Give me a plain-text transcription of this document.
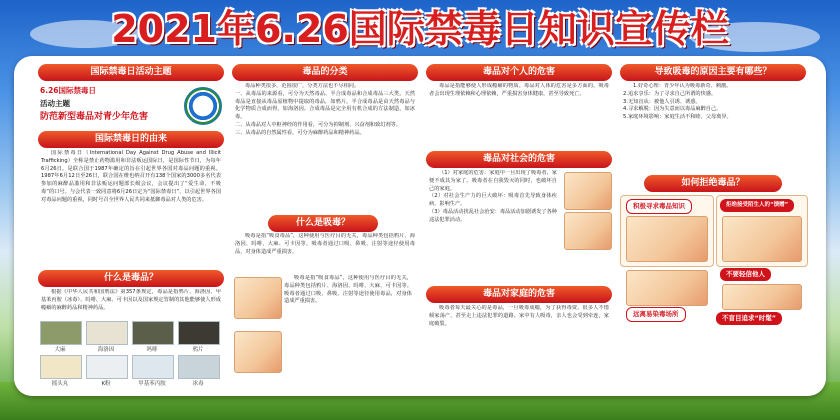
2021年6.26国际禁毒日知识宣传栏
国际禁毒日活动主题
6.26国际禁毒日
活动主题
防范新型毒品对青少年危害
国际禁毒日的由来
国际禁毒日（International Day Against Drug Abuse and Illicit Trafficking）全称是禁止药物滥用和非法贩运国际日，是国际性节日，为每年6月26日。是联合国于1987年确定的旨在引起世界各国对毒品问题的重视。1987年6月12日至26日，联合国在维也纳召开有138个国家的3000多名代表参加的麻醉品滥用和非法贩运问题部长级会议，会议提出了“爱生命，不吸毒”的口号。与会代表一致同意将6月26日定为“国际禁毒日”，以引起世界各国对毒品问题的重视，同时号召全世界人民共同来抵御毒品对人类的危害。
什么是毒品？
根据《中华人民共和国刑法》第357条规定，毒品是指鸦片、海洛因、甲基苯丙胺（冰毒）、吗啡、大麻、可卡因以及国家规定管制的其他能够使人形成瘾癖的麻醉药品和精神药品。
大麻	海洛因	吗啡	鸦片
摇头丸	K粉	甲基苯丙胺	冰毒
毒品的分类
毒品种类很多，范围很广，分类方法也不尽相同。
一、从毒品的来源看，可分为天然毒品、半合成毒品和合成毒品三大类。天然毒品是直接从毒品原植物中提取的毒品，如鸦片。半合成毒品是由天然毒品与化学物质合成而得，如海洛因。合成毒品是完全用有机合成的方法制造，如冰毒。
二、从毒品对人中枢神经的作用看，可分为抑制剂、兴奋剂和致幻剂等。
三、从毒品的自然属性看，可分为麻醉药品和精神药品。
什么是吸毒？
吸毒是指“吸食毒品”，这种使用与医疗目的无关，毒品种类包括鸦片、海洛因、吗啡、大麻、可卡因等。吸毒者通过口吸、鼻吸、注射等途径使用毒品，对身体造成严重损害。
吸毒是指“吸食毒品”，这种使用与医疗目的无关，毒品种类包括鸦片、海洛因、吗啡、大麻、可卡因等。吸毒者通过口吸、鼻吸、注射等途径使用毒品，对身体造成严重损害。
毒品对个人的危害
毒品是指能够使人形成瘾癖的物质。毒品对人体的危害是多方面的，吸毒者会出现生理依赖和心理依赖，严重损害身体健康，甚至导致死亡。
毒品对社会的危害
（1）对家庭的危害：家庭中一旦出现了吸毒者，家便不成其为家了。吸毒者在自我毁灭的同时，也破坏自己的家庭。
（2）对社会生产力的巨大破坏：吸毒首先导致身体疾病，影响生产。
（3）毒品活动扰乱社会治安：毒品活动加剧诱发了各种违法犯罪活动。
毒品对家庭的危害
吸毒者每天最关心的是毒品，一旦吸毒成瘾，为了获得毒资，很多人不惜倾家荡产，甚至走上违法犯罪的道路。家中有人吸毒，亲人也会受到牵连，家庭破裂。
导致吸毒的原因主要有哪些？
1.好奇心理：青少年认为吸毒新奇、刺激。
2.追求享乐：为了寻求自己所谓的快感。
3.无知盲从：被他人引诱、诱惑。
4.寻求解脱：因为失意而以毒品麻醉自己。
5.家庭环境影响：家庭生活不和睦、父母离异。
如何拒绝毒品？
积极寻求毒品知识	拒绝接受陌生人的“馈赠”
不要轻信他人
远离易染毒场所	不盲目追求“时髦”
